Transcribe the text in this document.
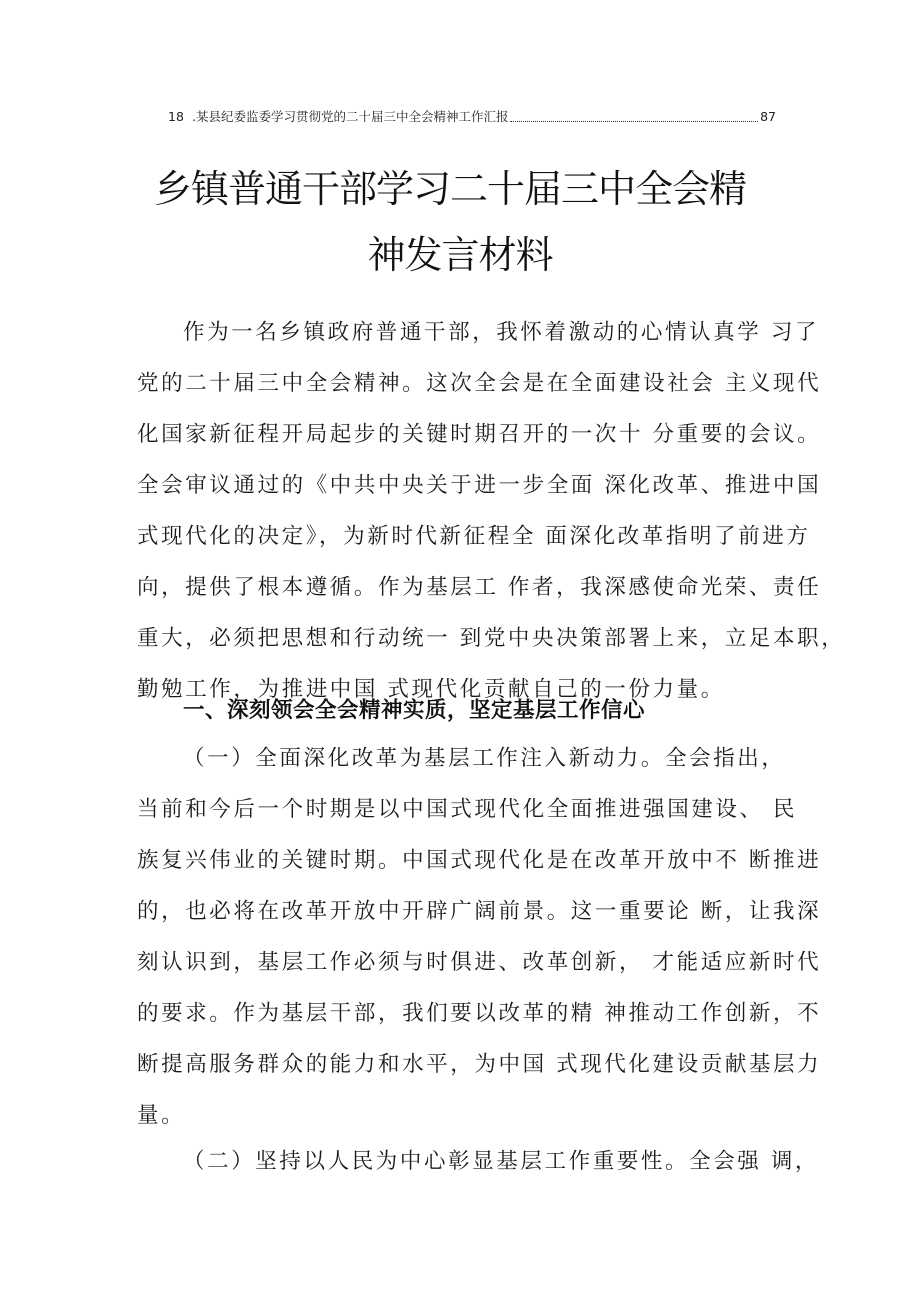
18 .某县纪委监委学习贯彻党的二十届三中全会精神工作汇报	87
乡镇普通干部学习二十届三中全会精
神发言材料

作为一名乡镇政府普通干部，我怀着激动的心情认真学 习了

党的二十届三中全会精神。这次全会是在全面建设社会 主义现代

化国家新征程开局起步的关键时期召开的一次十 分重要的会议。

全会审议通过的《中共中央关于进一步全面 深化改革、推进中国

式现代化的决定》，为新时代新征程全 面深化改革指明了前进方

向，提供了根本遵循。作为基层工 作者，我深感使命光荣、责任

重大，必须把思想和行动统一 到党中央决策部署上来，立足本职，

勤勉工作，为推进中国 式现代化贡献自己的一份力量。

一、深刻领会全会精神实质，坚定基层工作信心

（一）全面深化改革为基层工作注入新动力。全会指出，

当前和今后一个时期是以中国式现代化全面推进强国建设、 民

族复兴伟业的关键时期。中国式现代化是在改革开放中不 断推进

的，也必将在改革开放中开辟广阔前景。这一重要论 断，让我深

刻认识到，基层工作必须与时俱进、改革创新， 才能适应新时代

的要求。作为基层干部，我们要以改革的精 神推动工作创新，不

断提高服务群众的能力和水平，为中国 式现代化建设贡献基层力

量。

（二）坚持以人民为中心彰显基层工作重要性。全会强 调，
